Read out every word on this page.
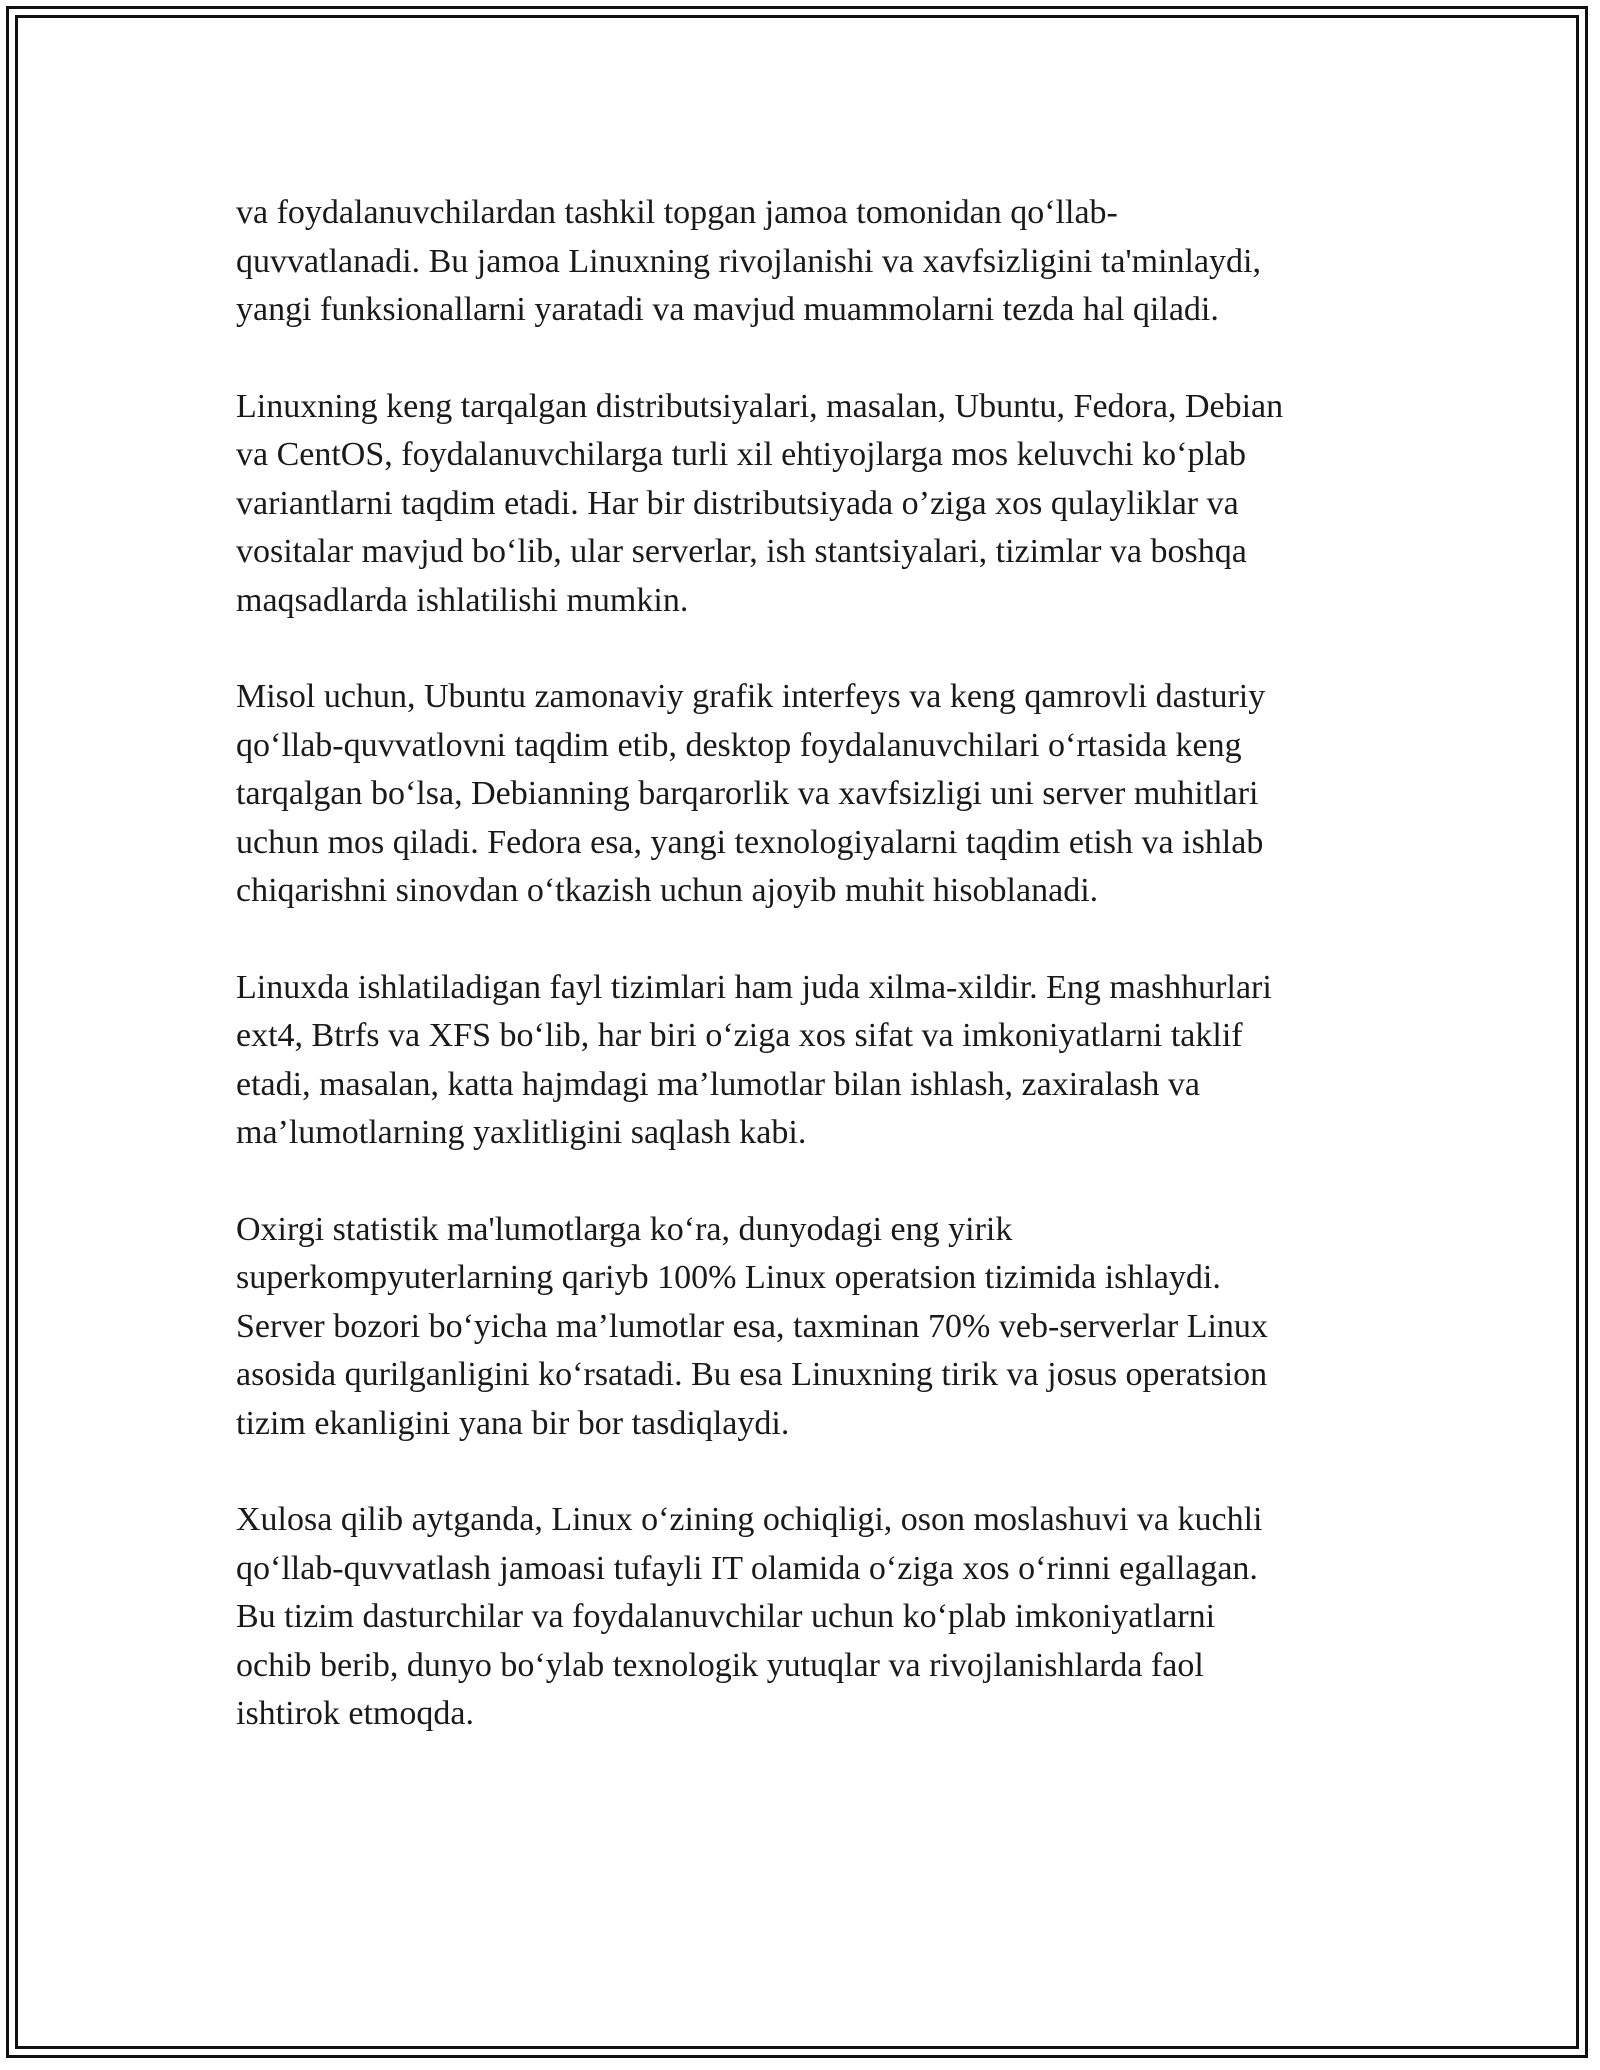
va foydalanuvchilardan tashkil topgan jamoa tomonidan qo‘llab-
quvvatlanadi. Bu jamoa Linuxning rivojlanishi va xavfsizligini ta'minlaydi,
yangi funksionallarni yaratadi va mavjud muammolarni tezda hal qiladi.

Linuxning keng tarqalgan distributsiyalari, masalan, Ubuntu, Fedora, Debian
va CentOS, foydalanuvchilarga turli xil ehtiyojlarga mos keluvchi ko‘plab
variantlarni taqdim etadi. Har bir distributsiyada o’ziga xos qulayliklar va
vositalar mavjud bo‘lib, ular serverlar, ish stantsiyalari, tizimlar va boshqa
maqsadlarda ishlatilishi mumkin.

Misol uchun, Ubuntu zamonaviy grafik interfeys va keng qamrovli dasturiy
qo‘llab-quvvatlovni taqdim etib, desktop foydalanuvchilari o‘rtasida keng
tarqalgan bo‘lsa, Debianning barqarorlik va xavfsizligi uni server muhitlari
uchun mos qiladi. Fedora esa, yangi texnologiyalarni taqdim etish va ishlab
chiqarishni sinovdan o‘tkazish uchun ajoyib muhit hisoblanadi.

Linuxda ishlatiladigan fayl tizimlari ham juda xilma-xildir. Eng mashhurlari
ext4, Btrfs va XFS bo‘lib, har biri o‘ziga xos sifat va imkoniyatlarni taklif
etadi, masalan, katta hajmdagi ma’lumotlar bilan ishlash, zaxiralash va
ma’lumotlarning yaxlitligini saqlash kabi.

Oxirgi statistik ma'lumotlarga ko‘ra, dunyodagi eng yirik
superkompyuterlarning qariyb 100% Linux operatsion tizimida ishlaydi.
Server bozori bo‘yicha ma’lumotlar esa, taxminan 70% veb-serverlar Linux
asosida qurilganligini ko‘rsatadi. Bu esa Linuxning tirik va josus operatsion
tizim ekanligini yana bir bor tasdiqlaydi.

Xulosa qilib aytganda, Linux o‘zining ochiqligi, oson moslashuvi va kuchli
qo‘llab-quvvatlash jamoasi tufayli IT olamida o‘ziga xos o‘rinni egallagan.
Bu tizim dasturchilar va foydalanuvchilar uchun ko‘plab imkoniyatlarni
ochib berib, dunyo bo‘ylab texnologik yutuqlar va rivojlanishlarda faol
ishtirok etmoqda.
